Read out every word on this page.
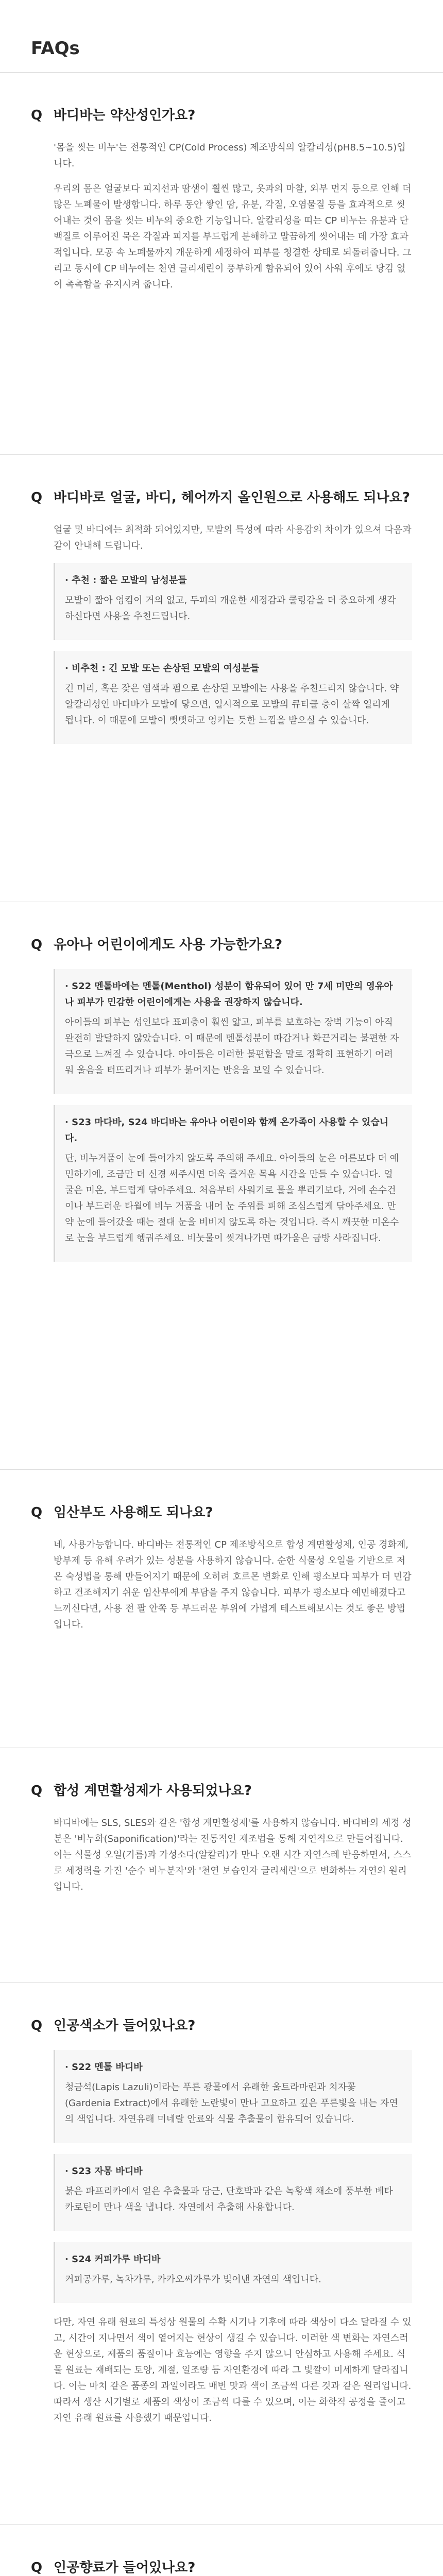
FAQs
Q 바디바는 약산성인가요?

'몸을 씻는 비누'는 전통적인 CP(Cold Process) 제조방식의 알칼리성(pH8.5~10.5)입니다.

우리의 몸은 얼굴보다 피지선과 땀샘이 훨씬 많고, 옷과의 마찰, 외부 먼지 등으로 인해 더 많은 노폐물이 발생합니다. 하루 동안 쌓인 땀, 유분, 각질, 오염물질 등을 효과적으로 씻어내는 것이 몸을 씻는 비누의 중요한 기능입니다. 알칼리성을 띠는 CP 비누는 유분과 단백질로 이루어진 묵은 각질과 피지를 부드럽게 분해하고 말끔하게 씻어내는 데 가장 효과적입니다. 모공 속 노폐물까지 개운하게 세정하여 피부를 청결한 상태로 되돌려줍니다. 그리고 동시에 CP 비누에는 천연 글리세린이 풍부하게 함유되어 있어 사워 후에도 당김 없이 촉촉함을 유지시켜 줍니다.

Q 바디바로 얼굴, 바디, 헤어까지 올인원으로 사용해도 되나요?

얼굴 및 바디에는 최적화 되어있지만, 모발의 특성에 따라 사용감의 차이가 있으셔 다음과 같이 안내해 드립니다.

· 추천 : 짧은 모발의 남성분들

모발이 짧아 엉킴이 거의 없고, 두피의 개운한 세정감과 쿨링감을 더 중요하게 생각하신다면 사용을 추천드립니다.

· 비추천 : 긴 모발 또는 손상된 모발의 여성분들

긴 머리, 혹은 잦은 염색과 펌으로 손상된 모발에는 사용을 추천드리지 않습니다. 약알칼리성인 바디바가 모발에 닿으면, 일시적으로 모발의 큐티클 층이 살짝 열리게 됩니다. 이 때문에 모발이 뻣뻣하고 엉키는 듯한 느낌을 받으실 수 있습니다.

Q 유아나 어린이에게도 사용 가능한가요?
· S22 멘톨바에는 멘톨(Menthol) 성분이 함유되어 있어 만 7세 미만의 영유아나 피부가 민감한 어린이에게는 사용을 권장하지 않습니다.

아이들의 피부는 성인보다 표피층이 훨씬 얇고, 피부를 보호하는 장벽 기능이 아직 완전히 발달하지 않았습니다. 이 때문에 멘톨성분이 따갑거나 화끈거리는 불편한 자극으로 느껴질 수 있습니다. 아이들은 이러한 불편함을 말로 정확히 표현하기 어려워 울음을 터뜨리거나 피부가 붉어지는 반응을 보일 수 있습니다.

· S23 마다바, S24 바디바는 유아나 어린이와 함께 온가족이 사용할 수 있습니다.

단, 비누거품이 눈에 들어가지 않도록 주의해 주세요. 아이들의 눈은 어른보다 더 예민하기에, 조금만 더 신경 써주시면 더욱 즐거운 목욕 시간을 만들 수 있습니다. 얼굴은 미온, 부드럽게 닦아주세요. 처음부터 사워기로 물을 뿌리기보다, 거에 손수건이나 부드러운 타월에 비누 거품을 내어 눈 주위를 피해 조심스럽게 닦아주세요. 만약 눈에 들어갔을 때는 절대 눈을 비비지 않도록 하는 것입니다. 즉시 깨끗한 미온수로 눈을 부드럽게 헹궈주세요. 비눗물이 씻겨나가면 따가움은 금방 사라집니다.

Q 임산부도 사용해도 되나요?

네, 사용가능합니다. 바디바는 전통적인 CP 제조방식으로 합성 계면활성제, 인공 경화제, 방부제 등 유해 우려가 있는 성분을 사용하지 않습니다. 순한 식물성 오일을 기반으로 저온 숙성법을 통해 만들어지기 때문에 오히려 호르몬 변화로 인해 평소보다 피부가 더 민감하고 건조해지기 쉬운 임산부에게 부담을 주지 않습니다. 피부가 평소보다 예민해졌다고 느끼신다면, 사용 전 팔 안쪽 등 부드러운 부위에 가볍게 테스트해보시는 것도 좋은 방법입니다.

Q 합성 계면활성제가 사용되었나요?

바디바에는 SLS, SLES와 같은 '합성 계면활성제'를 사용하지 않습니다. 바디바의 세정 성분은 '비누화(Saponification)'라는 전통적인 제조법을 통해 자연적으로 만들어집니다. 이는 식물성 오일(기름)과 가성소다(알칼리)가 만나 오랜 시간 자연스레 반응하면서, 스스로 세정력을 가진 '순수 비누분자'와 '천연 보습인자 글리세린'으로 변화하는 자연의 원리입니다.

Q 인공색소가 들어있나요?
· S22 멘톨 바디바

청금석(Lapis Lazuli)이라는 푸른 광물에서 유래한 울트라마린과 치자꽃(Gardenia Extract)에서 유래한 노란빛이 만나 고요하고 깊은 푸른빛을 내는 자연의 색입니다. 자연유래 미네랄 안료와 식물 추출물이 함유되어 있습니다.

· S23 자몽 바디바

붉은 파프리카에서 얻은 추출물과 당근, 단호박과 같은 녹황색 채소에 풍부한 베타카로틴이 만나 색을 냅니다. 자연에서 추출해 사용합니다.

· S24 커피가루 바디바

커피공가루, 녹차가루, 카카오씨가루가 빚어낸 자연의 색입니다.

다만, 자연 유래 원료의 특성상 원물의 수확 시기나 기후에 따라 색상이 다소 달라질 수 있고, 시간이 지나면서 색이 옅어지는 현상이 생길 수 있습니다. 이러한 색 변화는 자연스러운 현상으로, 제품의 품질이나 효능에는 영향을 주지 않으니 안심하고 사용해 주세요. 식물 원료는 재배되는 토양, 계절, 일조량 등 자연환경에 따라 그 빛깔이 미세하게 달라집니다. 이는 마치 같은 품종의 과일이라도 매번 맛과 색이 조금씩 다른 것과 같은 원리입니다. 따라서 생산 시기별로 제품의 색상이 조금씩 다를 수 있으며, 이는 화학적 공정을 줄이고 자연 유래 원료를 사용했기 때문입니다.

Q 인공향료가 들어있나요?
